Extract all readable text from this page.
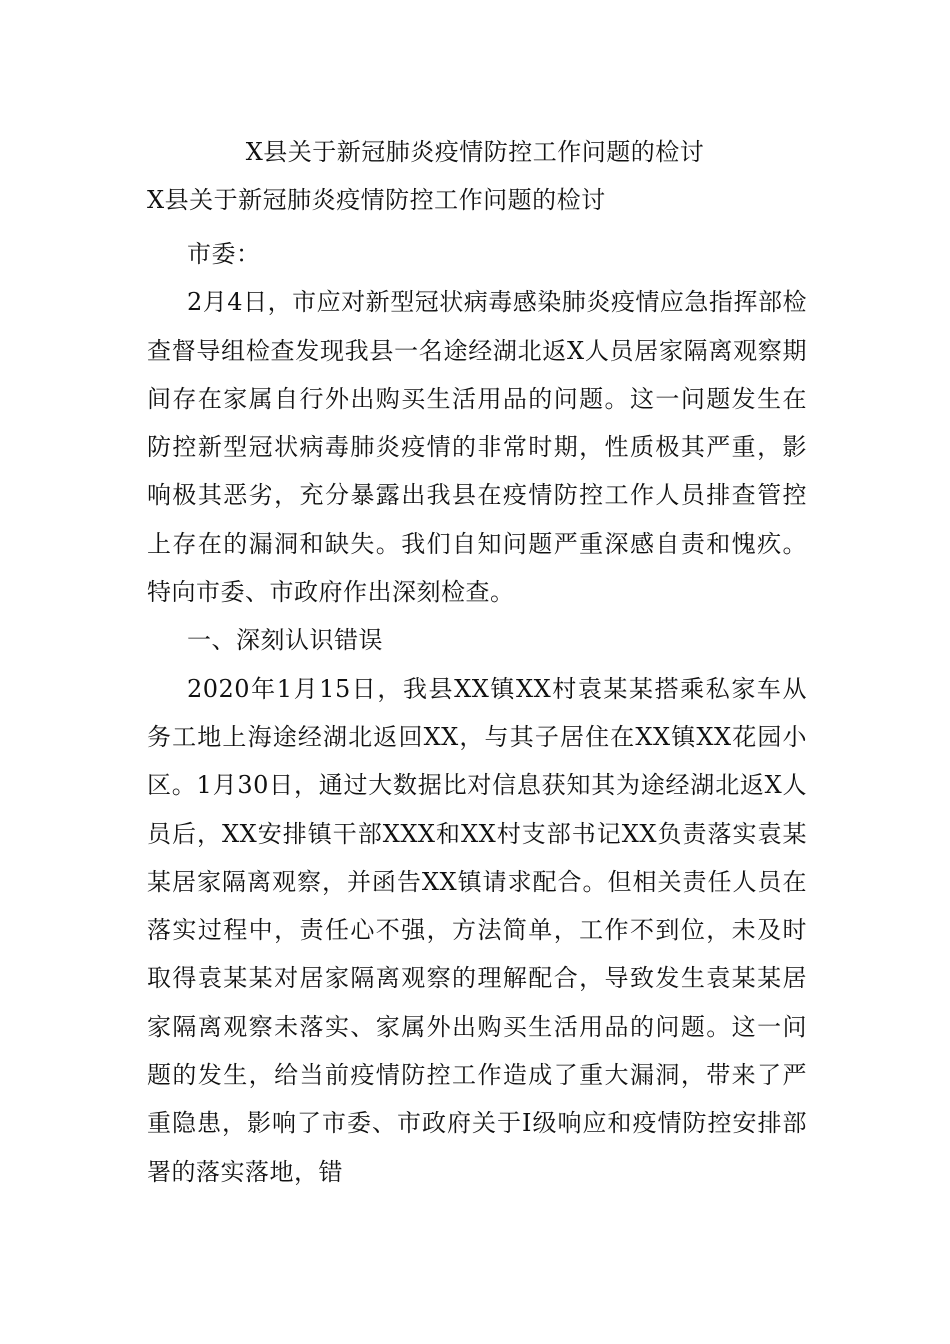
X县关于新冠肺炎疫情防控工作问题的检讨
X县关于新冠肺炎疫情防控工作问题的检讨

市委：

2月4日，市应对新型冠状病毒感染肺炎疫情应急指挥部检查督导组检查发现我县一名途经湖北返X人员居家隔离观察期间存在家属自行外出购买生活用品的问题。这一问题发生在防控新型冠状病毒肺炎疫情的非常时期，性质极其严重，影响极其恶劣，充分暴露出我县在疫情防控工作人员排查管控上存在的漏洞和缺失。我们自知问题严重深感自责和愧疚。特向市委、市政府作出深刻检查。

一、深刻认识错误

2020年1月15日，我县XX镇XX村袁某某搭乘私家车从务工地上海途经湖北返回XX，与其子居住在XX镇XX花园小区。1月30日，通过大数据比对信息获知其为途经湖北返X人员后，XX安排镇干部XXX和XX村支部书记XX负责落实袁某某居家隔离观察，并函告XX镇请求配合。但相关责任人员在落实过程中，责任心不强，方法简单，工作不到位，未及时取得袁某某对居家隔离观察的理解配合，导致发生袁某某居家隔离观察未落实、家属外出购买生活用品的问题。这一问题的发生，给当前疫情防控工作造成了重大漏洞，带来了严重隐患，影响了市委、市政府关于Ⅰ级响应和疫情防控安排部署的落实落地，错
